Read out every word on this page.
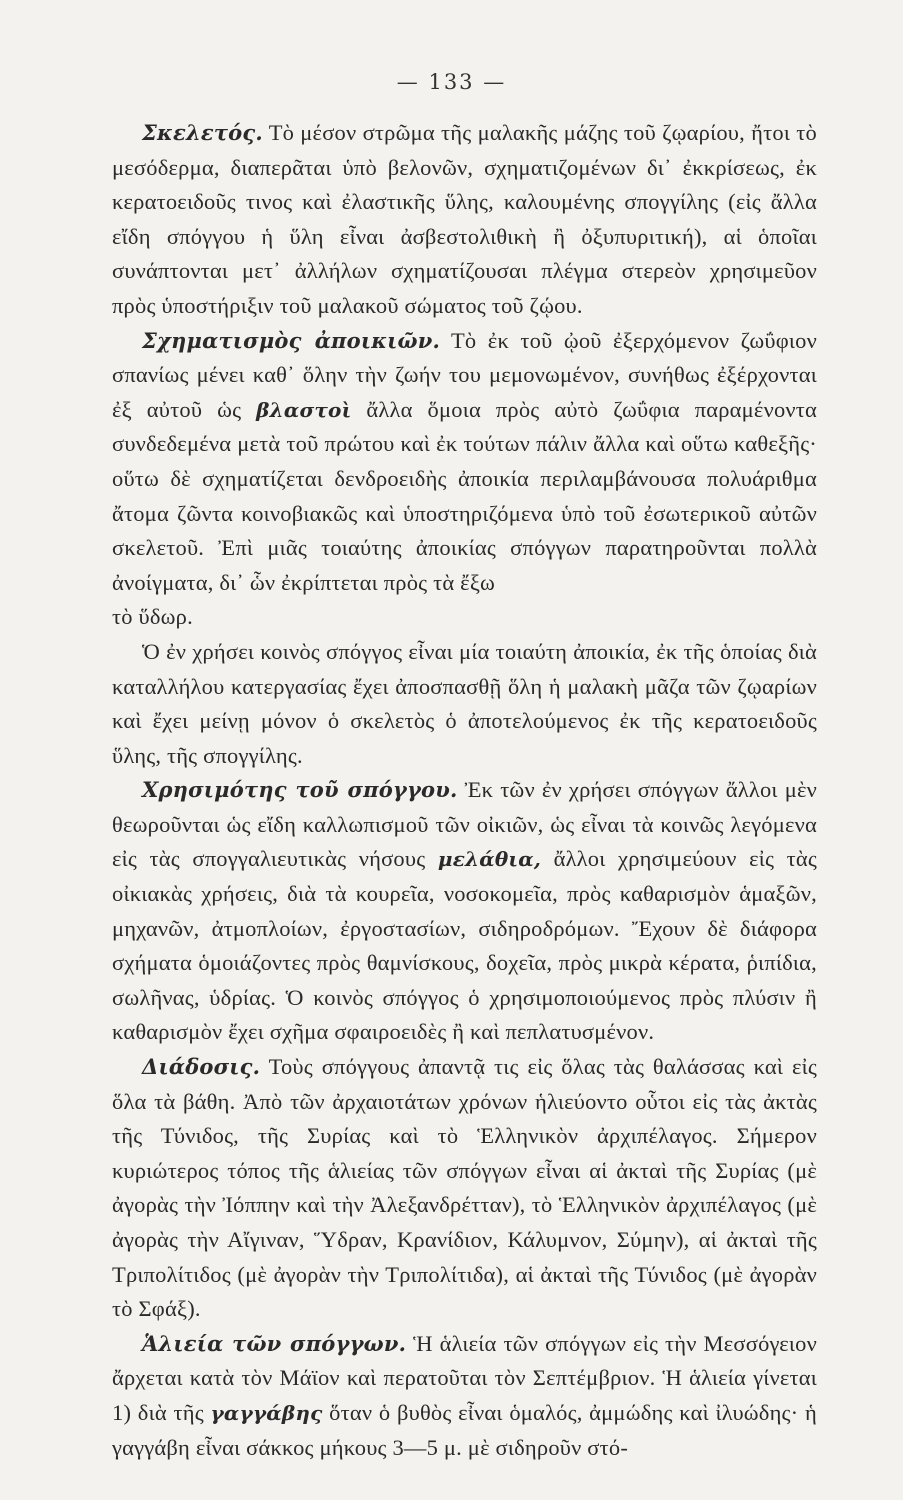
— 133 —

Σκελετός. Τὸ μέσον στρῶμα τῆς μαλακῆς μάζης τοῦ ζῳαρίου, ἤτοι τὸ μεσόδερμα, διαπερᾶται ὑπὸ βελονῶν, σχηματιζομένων δι᾿ ἐκκρίσεως, ἐκ κερατοειδοῦς τινος καὶ ἐλαστικῆς ὕλης, καλουμένης σπογγίλης (εἰς ἄλλα εἴδη σπόγγου ἡ ὕλη εἶναι ἀσβεστολιθικὴ ἢ ὀξυπυριτική), αἱ ὁποῖαι συνάπτονται μετ᾿ ἀλλήλων σχηματίζουσαι πλέγμα στερεὸν χρησιμεῦον πρὸς ὑποστήριξιν τοῦ μαλακοῦ σώματος τοῦ ζῴου.

Σχηματισμὸς ἀποικιῶν. Τὸ ἐκ τοῦ ᾠοῦ ἐξερχόμενον ζωΰφιον σπανίως μένει καθ᾿ ὅλην τὴν ζωήν του μεμονωμένον, συνήθως ἐξέρχονται ἐξ αὐτοῦ ὡς βλαστοὶ ἄλλα ὅμοια πρὸς αὐτὸ ζωΰφια παραμένοντα συνδεδεμένα μετὰ τοῦ πρώτου καὶ ἐκ τούτων πάλιν ἄλλα καὶ οὕτω καθεξῆς· οὕτω δὲ σχηματίζεται δενδροειδὴς ἀποικία περιλαμβάνουσα πολυάριθμα ἄτομα ζῶντα κοινοβιακῶς καὶ ὑποστηριζόμενα ὑπὸ τοῦ ἐσωτερικοῦ αὐτῶν σκελετοῦ. Ἐπὶ μιᾶς τοιαύτης ἀποικίας σπόγγων παρατηροῦνται πολλὰ ἀνοίγματα, δι᾿ ὧν ἐκρίπτεται πρὸς τὰ ἔξω
τὸ ὕδωρ.

Ὁ ἐν χρήσει κοινὸς σπόγγος εἶναι μία τοιαύτη ἀποικία, ἐκ τῆς ὁποίας διὰ καταλλήλου κατεργασίας ἔχει ἀποσπασθῇ ὅλη ἡ μαλακὴ μᾶζα τῶν ζῳαρίων καὶ ἔχει μείνῃ μόνον ὁ σκελετὸς ὁ ἀποτελούμενος ἐκ τῆς κερατοειδοῦς ὕλης, τῆς σπογγίλης.

Χρησιμότης τοῦ σπόγγου. Ἐκ τῶν ἐν χρήσει σπόγγων ἄλλοι μὲν θεωροῦνται ὡς εἴδη καλλωπισμοῦ τῶν οἰκιῶν, ὡς εἶναι τὰ κοινῶς λεγόμενα εἰς τὰς σπογγαλιευτικὰς νήσους μελάθια, ἄλλοι χρησιμεύουν εἰς τὰς οἰκιακὰς χρήσεις, διὰ τὰ κουρεῖα, νοσοκομεῖα, πρὸς καθαρισμὸν ἁμαξῶν, μηχανῶν, ἀτμοπλοίων, ἐργοστασίων, σιδηροδρόμων. Ἔχουν δὲ διάφορα σχήματα ὁμοιάζοντες πρὸς θαμνίσκους, δοχεῖα, πρὸς μικρὰ κέρατα, ῥιπίδια, σωλῆνας, ὑδρίας. Ὁ κοινὸς σπόγγος ὁ χρησιμοποιούμενος πρὸς πλύσιν ἢ καθαρισμὸν ἔχει σχῆμα σφαιροειδὲς ἢ καὶ πεπλατυσμένον.

Διάδοσις. Τοὺς σπόγγους ἀπαντᾷ τις εἰς ὅλας τὰς θαλάσσας καὶ εἰς ὅλα τὰ βάθη. Ἀπὸ τῶν ἀρχαιοτάτων χρόνων ἡλιεύοντο οὗτοι εἰς τὰς ἀκτὰς τῆς Τύνιδος, τῆς Συρίας καὶ τὸ Ἑλληνικὸν ἀρχιπέλαγος. Σήμερον κυριώτερος τόπος τῆς ἁλιείας τῶν σπόγγων εἶναι αἱ ἀκταὶ τῆς Συρίας (μὲ ἀγορὰς τὴν Ἰόππην καὶ τὴν Ἀλεξανδρέτταν), τὸ Ἑλληνικὸν ἀρχιπέλαγος (μὲ ἀγορὰς τὴν Αἴγιναν, Ὕδραν, Κρανίδιον, Κάλυμνον, Σύμην), αἱ ἀκταὶ τῆς Τριπολίτιδος (μὲ ἀγορὰν τὴν Τριπολίτιδα), αἱ ἀκταὶ τῆς Τύνιδος (μὲ ἀγορὰν τὸ Σφάξ).

Ἁλιεία τῶν σπόγγων. Ἡ ἁλιεία τῶν σπόγγων εἰς τὴν Μεσσόγειον ἄρχεται κατὰ τὸν Μάϊον καὶ περατοῦται τὸν Σεπτέμβριον. Ἡ ἁλιεία γίνεται 1) διὰ τῆς γαγγάβης ὅταν ὁ βυθὸς εἶναι ὁμαλός, ἀμμώδης καὶ ἰλυώδης· ἡ γαγγάβη εἶναι σάκκος μήκους 3—5 μ. μὲ σιδηροῦν στό-
